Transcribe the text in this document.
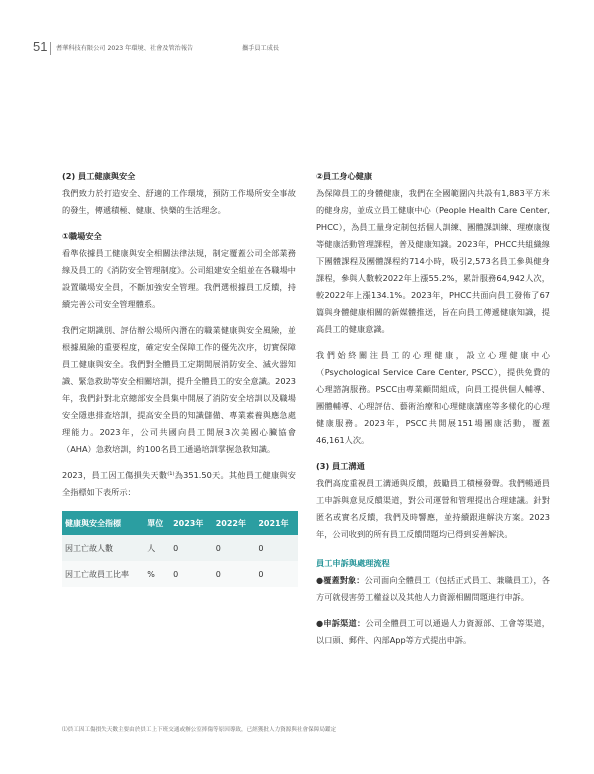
51 耆華科技有限公司 2023 年環境、社會及管治報告	攜手員工成長

(2) 員工健康與安全

我們致力於打造安全、舒適的工作環境，預防工作場所安全事故的發生，傳遞積極、健康、快樂的生活理念。

①職場安全

看準依據員工健康與安全相關法律法規，制定覆蓋公司全部業務線及員工的《消防安全管理制度》。公司組建安全組並在各職場中設置職場安全員，不斷加強安全管理。我們選根據員工反饋，持續完善公司安全管理體系。

我們定期識別、評估辦公場所內潛在的職業健康與安全風險，並根據風險的重要程度，確定安全保障工作的優先次序，切實保障員工健康與安全。我們對全體員工定期開展消防安全、滅火器知識、緊急救助等安全相關培訓，提升全體員工的安全意識。2023年，我們針對北京總部安全員集中開展了消防安全培訓以及職場安全隱患排查培訓，提高安全員的知識儲備、專業素養與應急處理能力。2023年，公司共國向員工開展3次美國心臟協會（AHA）急救培訓，約100名員工通過培訓掌握急救知識。

2023，員工因工傷損失天數⁽¹⁾為351.50天。其他員工健康與安全指標如下表所示：

健康與安全指標	單位	2023年	2022年	2021年
因工亡故人數	人	0	0	0
因工亡故員工比率	%	0	0	0

②員工身心健康

為保障員工的身體健康，我們在全國範圍內共設有1,883平方米的健身房，並成立員工健康中心（People Health Care Center, PHCC），為員工量身定制包括個人訓練、團體課訓練、理療康復等健康活動管理課程，普及健康知識。2023年，PHCC共組織線下團體課程及團體課程約714小時，吸引2,573名員工參與健身課程，參與人數較2022年上漲55.2%，累計服務64,942人次，較2022年上漲134.1%。2023年，PHCC共面向員工發佈了67篇與身體健康相關的新媒體推送，旨在向員工傳遞健康知識，提高員工的健康意識。

我們始終關注員工的心理健康，設立心理健康中心（Psychological Service Care Center, PSCC），提供免費的心理諮詢服務。PSCC由專業顧問組成，向員工提供個人輔導、團體輔導、心理評估、藝術治療和心理健康講座等多樣化的心理健康服務。2023年，PSCC共開展151場團康活動，覆蓋46,161人次。

(3) 員工溝通

我們高度重視員工溝通與反饋，鼓勵員工積極發聲。我們暢通員工申訴與意見反饋渠道，對公司運營和管理提出合理建議。針對匿名或實名反饋，我們及時響應，並持續跟進解決方案。2023年，公司收到的所有員工反饋問題均已得到妥善解決。

員工申訴與處理流程

●覆蓋對象：公司面向全體員工（包括正式員工、兼職員工），各方可就侵害勞工權益以及其他人力資源相關問題進行申訴。

●申訴渠道：公司全體員工可以通過人力資源部、工會等渠道，以口頭、郵件、內部App等方式提出申訴。

⑴員工因工傷損失天數主要由於員工上下班交通或辦公室摔傷等原因導致，已經獲批人力資源與社會保障局鑑定
